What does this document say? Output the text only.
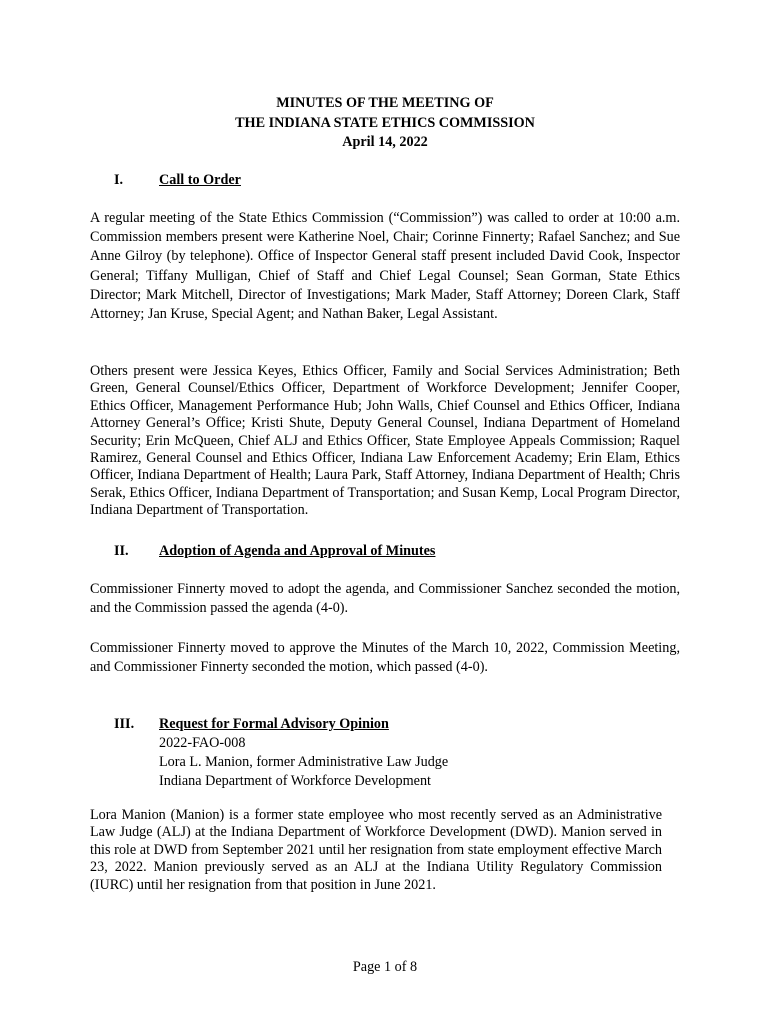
MINUTES OF THE MEETING OF
THE INDIANA STATE ETHICS COMMISSION
April 14, 2022
I.	Call to Order

A regular meeting of the State Ethics Commission (“Commission”) was called to order at 10:00 a.m. Commission members present were Katherine Noel, Chair; Corinne Finnerty; Rafael Sanchez; and Sue Anne Gilroy (by telephone). Office of Inspector General staff present included David Cook, Inspector General; Tiffany Mulligan, Chief of Staff and Chief Legal Counsel; Sean Gorman, State Ethics Director; Mark Mitchell, Director of Investigations; Mark Mader, Staff Attorney; Doreen Clark, Staff Attorney; Jan Kruse, Special Agent; and Nathan Baker, Legal Assistant.

Others present were Jessica Keyes, Ethics Officer, Family and Social Services Administration; Beth Green, General Counsel/Ethics Officer, Department of Workforce Development; Jennifer Cooper, Ethics Officer, Management Performance Hub; John Walls, Chief Counsel and Ethics Officer, Indiana Attorney General’s Office; Kristi Shute, Deputy General Counsel, Indiana Department of Homeland Security; Erin McQueen, Chief ALJ and Ethics Officer, State Employee Appeals Commission; Raquel Ramirez, General Counsel and Ethics Officer, Indiana Law Enforcement Academy; Erin Elam, Ethics Officer, Indiana Department of Health; Laura Park, Staff Attorney, Indiana Department of Health; Chris Serak, Ethics Officer, Indiana Department of Transportation; and Susan Kemp, Local Program Director, Indiana Department of Transportation.

II. Adoption of Agenda and Approval of Minutes

Commissioner Finnerty moved to adopt the agenda, and Commissioner Sanchez seconded the motion, and the Commission passed the agenda (4-0).

Commissioner Finnerty moved to approve the Minutes of the March 10, 2022, Commission Meeting, and Commissioner Finnerty seconded the motion, which passed (4-0).

III. Request for Formal Advisory Opinion
2022-FAO-008
Lora L. Manion, former Administrative Law Judge
Indiana Department of Workforce Development

Lora Manion (Manion) is a former state employee who most recently served as an Administrative Law Judge (ALJ) at the Indiana Department of Workforce Development (DWD). Manion served in this role at DWD from September 2021 until her resignation from state employment effective March 23, 2022. Manion previously served as an ALJ at the Indiana Utility Regulatory Commission (IURC) until her resignation from that position in June 2021.

Page 1 of 8
